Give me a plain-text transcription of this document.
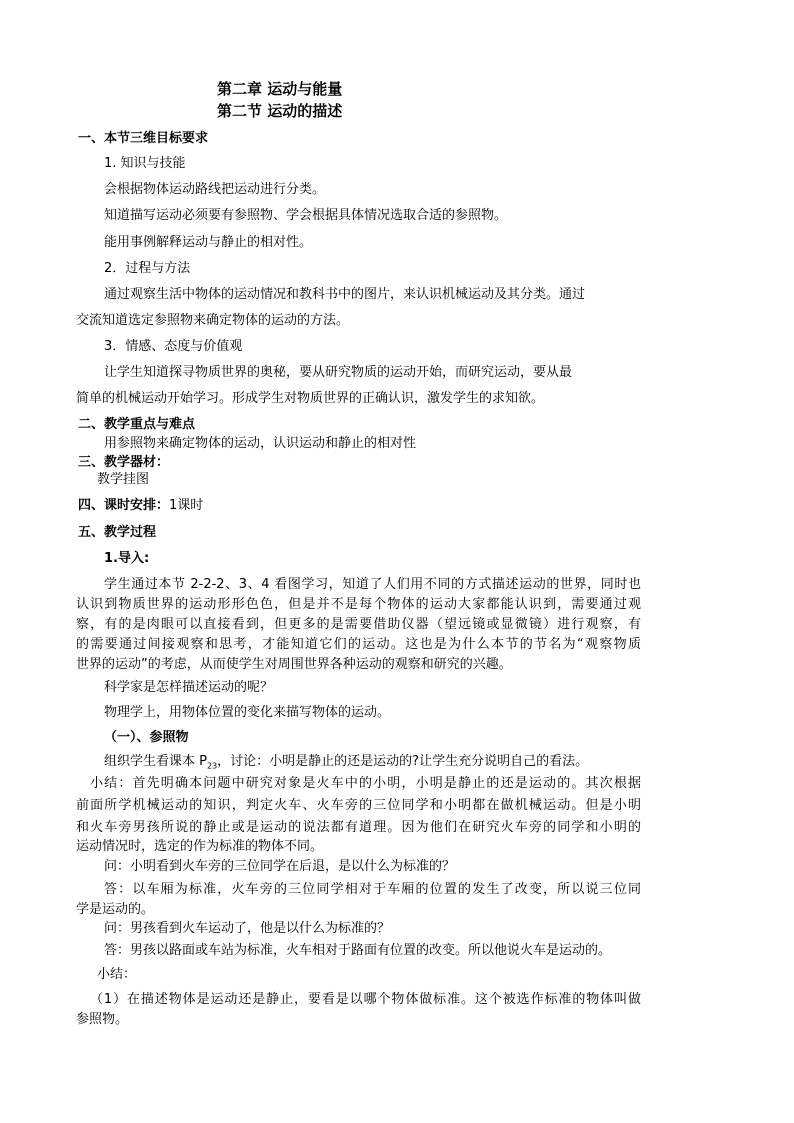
第二章 运动与能量
第二节 运动的描述
一、本节三维目标要求
1. 知识与技能
会根据物体运动路线把运动进行分类。
知道描写运动必须要有参照物、学会根据具体情况选取合适的参照物。
能用事例解释运动与静止的相对性。
2．过程与方法
通过观察生活中物体的运动情况和教科书中的图片，来认识机械运动及其分类。通过
交流知道选定参照物来确定物体的运动的方法。
3．情感、态度与价值观
让学生知道探寻物质世界的奥秘，要从研究物质的运动开始，而研究运动，要从最
简单的机械运动开始学习。形成学生对物质世界的正确认识，激发学生的求知欲。
二、教学重点与难点
用参照物来确定物体的运动，认识运动和静止的相对性
三、教学器材：
教学挂图
四、课时安排：1课时
五、教学过程
1.导入:
学生通过本节 2-2-2、3、4 看图学习，知道了人们用不同的方式描述运动的世界，同时也
认识到物质世界的运动形形色色，但是并不是每个物体的运动大家都能认识到，需要通过观
察，有的是肉眼可以直接看到，但更多的是需要借助仪器（望远镜或显微镜）进行观察，有
的需要通过间接观察和思考，才能知道它们的运动。这也是为什么本节的节名为“观察物质
世界的运动”的考虑，从而使学生对周围世界各种运动的观察和研究的兴趣。
科学家是怎样描述运动的呢？
物理学上，用物体位置的变化来描写物体的运动。
（一）、参照物
组织学生看课本 $P_{23}$，讨论：小明是静止的还是运动的?让学生充分说明自己的看法。
小结：首先明确本问题中研究对象是火车中的小明，小明是静止的还是运动的。其次根据
前面所学机械运动的知识，判定火车、火车旁的三位同学和小明都在做机械运动。但是小明
和火车旁男孩所说的静止或是运动的说法都有道理。因为他们在研究火车旁的同学和小明的
运动情况时，选定的作为标准的物体不同。
问：小明看到火车旁的三位同学在后退，是以什么为标准的？
答：以车厢为标准，火车旁的三位同学相对于车厢的位置的发生了改变，所以说三位同
学是运动的。
问：男孩看到火车运动了，他是以什么为标准的？
答：男孩以路面或车站为标准，火车相对于路面有位置的改变。所以他说火车是运动的。
小结：
（1）在描述物体是运动还是静止，要看是以哪个物体做标准。这个被选作标准的物体叫做
参照物。
